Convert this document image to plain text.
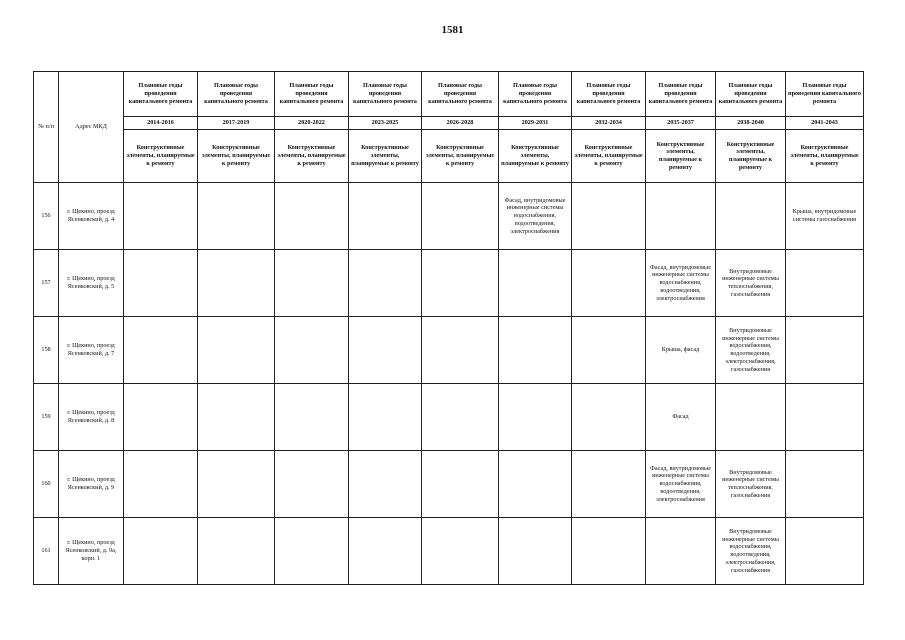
1581
№ п/п	Адрес МКД	Плановые годы проведения капитального ремонта	Плановые годы проведения капитального ремонта	Плановые годы проведения капитального ремонта	Плановые годы проведения капитального ремонта	Плановые годы проведения капитального ремонта	Плановые годы проведения капитального ремонта	Плановые годы проведения капитального ремонта	Плановые годы проведения капитального ремонта	Плановые годы проведения капитального ремонта	Плановые годы проведения капитального ремонта
		2014-2016	2017-2019	2020-2022	2023-2025	2026-2028	2029-2031	2032-2034	2035-2037	2038-2040	2041-2043
		Конструктивные элементы, планируемые к ремонту	Конструктивные элементы, планируемые к ремонту	Конструктивные элементы, планируемые к ремонту	Конструктивные элементы, планируемые к ремонту	Конструктивные элементы, планируемые к ремонту	Конструктивные элементы, планируемые к ремонту	Конструктивные элементы, планируемые к ремонту	Конструктивные элементы, планируемые к ремонту	Конструктивные элементы, планируемые к ремонту	Конструктивные элементы, планируемые к ремонту
156	г. Щекино, проезд Ясенковский, д. 4						Фасад, внутридомовые инженерные системы водоснабжения, водоотведения, электроснабжения				Крыша, внутридомовые системы газоснабжения
157	г. Щекино, проезд Ясенковский, д. 5								Фасад, внутридомовые инженерные системы водоснабжения, водоотведения, электроснабжения	Внутридомовые инженерные системы теплоснабжения, газоснабжения	
158	г. Щекино, проезд Ясенковский, д. 7								Крыша, фасад	Внутридомовые инженерные системы водоснабжения, водоотведения, электроснабжения, газоснабжения	
159	г. Щекино, проезд Ясенковский, д. 8								Фасад		
160	г. Щекино, проезд Ясенковский, д. 9								Фасад, внутридомовые инженерные системы водоснабжения, водоотведения, электроснабжения	Внутридомовые инженерные системы теплоснабжения, газоснабжения	
161	г. Щекино, проезд Ясенковский, д. 9а, корп. 1									Внутридомовые инженерные системы водоснабжения, водоотведения, электроснабжения, газоснабжения	
